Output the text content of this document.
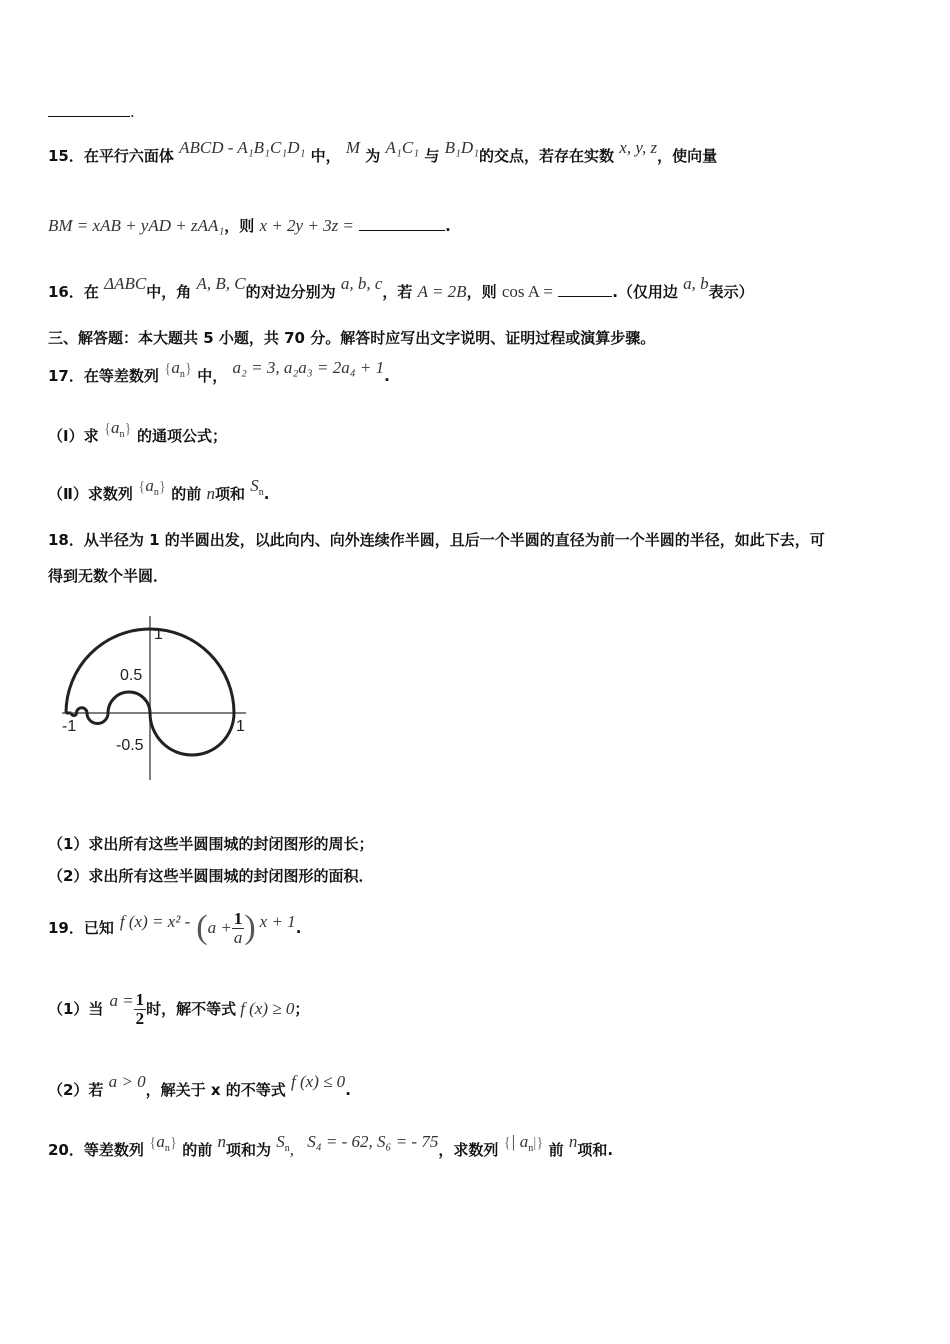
.
15．在平行六面体 ABCD - A₁B₁C₁D₁ 中， M 为 A₁C₁ 与 B₁D₁的交点，若存在实数 x, y, z，使向量
BM = xAB + yAD + zAA₁，则 x + 2y + 3z =	.
16．在 ΔABC中，角 A, B, C的对边分别为 a, b, c，若 A = 2B，则 cos A =	.（仅用边 a, b表示）
三、解答题：本大题共 5 小题，共 70 分。解答时应写出文字说明、证明过程或演算步骤。
17．在等差数列 $\{a_n\}$ 中， a₂ = 3, a₂a₃ = 2a₄ + 1.
（Ⅰ）求 $\{a_n\}$ 的通项公式；
（Ⅱ）求数列 $\{a_n\}$ 的前 n项和 $S^n$.
18．从半径为 1 的半圆出发，以此向内、向外连续作半圆，且后一个半圆的直径为前一个半圆的半径，如此下去，可
得到无数个半圆．
1
0.5
-1	1
-0.5
（1）求出所有这些半圆围城的封闭图形的周长；
（2）求出所有这些半圆围城的封闭图形的面积．
19． 已知 f (x) = x² - ( $a + \frac{1}{a}$ ) x + 1 .
（1）当 $a = \frac{1}{2}$ 时，解不等式 f (x) ≥ 0 ；
（2）若 a > 0，解关于 x 的不等式 f (x) ≤ 0.
20．等差数列 $\{a_n\}$ 的前 n项和为 $S^n$, S₄ = - 62, S₆ = - 75，求数列 {| $a_n|$} 前 n项和.
